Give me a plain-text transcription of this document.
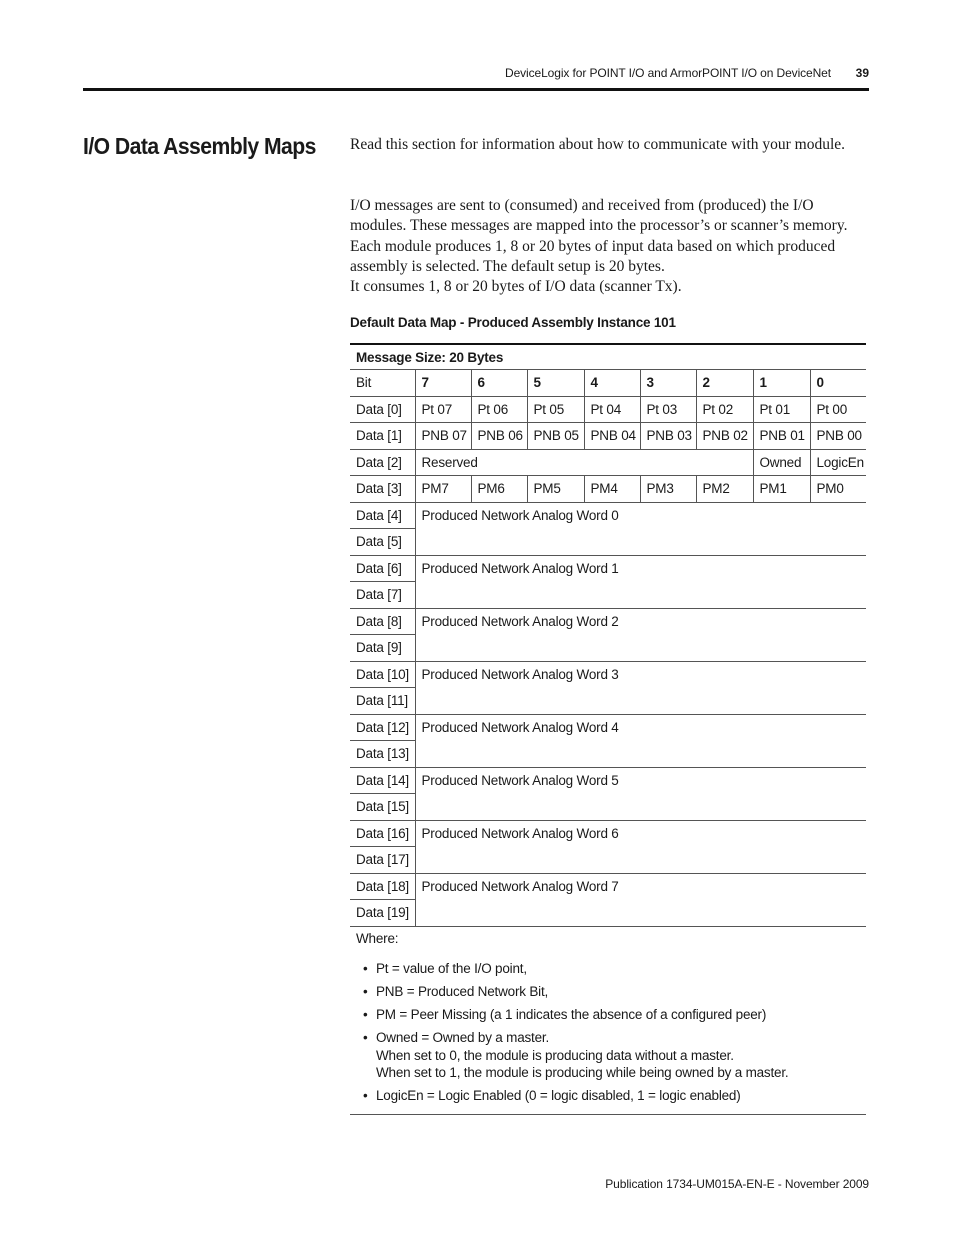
DeviceLogix for POINT I/O and ArmorPOINT I/O on DeviceNet 39
I/O Data Assembly Maps Read this section for information about how to communicate with your module.
I/O messages are sent to (consumed) and received from (produced) the I/O modules. These messages are mapped into the processor’s or scanner’s memory. Each module produces 1, 8 or 20 bytes of input data based on which produced assembly is selected. The default setup is 20 bytes.
It consumes 1, 8 or 20 bytes of I/O data (scanner Tx).
Default Data Map - Produced Assembly Instance 101
Message Size: 20 Bytes								
Bit	7	6	5	4	3	2	1	0
Data [0]	Pt 07	Pt 06	Pt 05	Pt 04	Pt 03	Pt 02	Pt 01	Pt 00
Data [1]	PNB 07	PNB 06	PNB 05	PNB 04	PNB 03	PNB 02	PNB 01	PNB 00
Data [2]	Reserved						Owned	LogicEn
Data [3]	PM7	PM6	PM5	PM4	PM3	PM2	PM1	PM0
Data [4]	Produced Network Analog Word 0							
Data [5]								
Data [6]	Produced Network Analog Word 1							
Data [7]								
Data [8]	Produced Network Analog Word 2							
Data [9]								
Data [10]	Produced Network Analog Word 3							
Data [11]								
Data [12]	Produced Network Analog Word 4							
Data [13]								
Data [14]	Produced Network Analog Word 5							
Data [15]								
Data [16]	Produced Network Analog Word 6							
Data [17]								
Data [18]	Produced Network Analog Word 7							
Data [19]								
Where:								
• Pt = value of the I/O point,
• PNB = Produced Network Bit,
• PM = Peer Missing (a 1 indicates the absence of a configured peer)
• Owned = Owned by a master.
When set to 0, the module is producing data without a master.
When set to 1, the module is producing while being owned by a master.
• LogicEn = Logic Enabled (0 = logic disabled, 1 = logic enabled)
Publication 1734-UM015A-EN-E - November 2009
